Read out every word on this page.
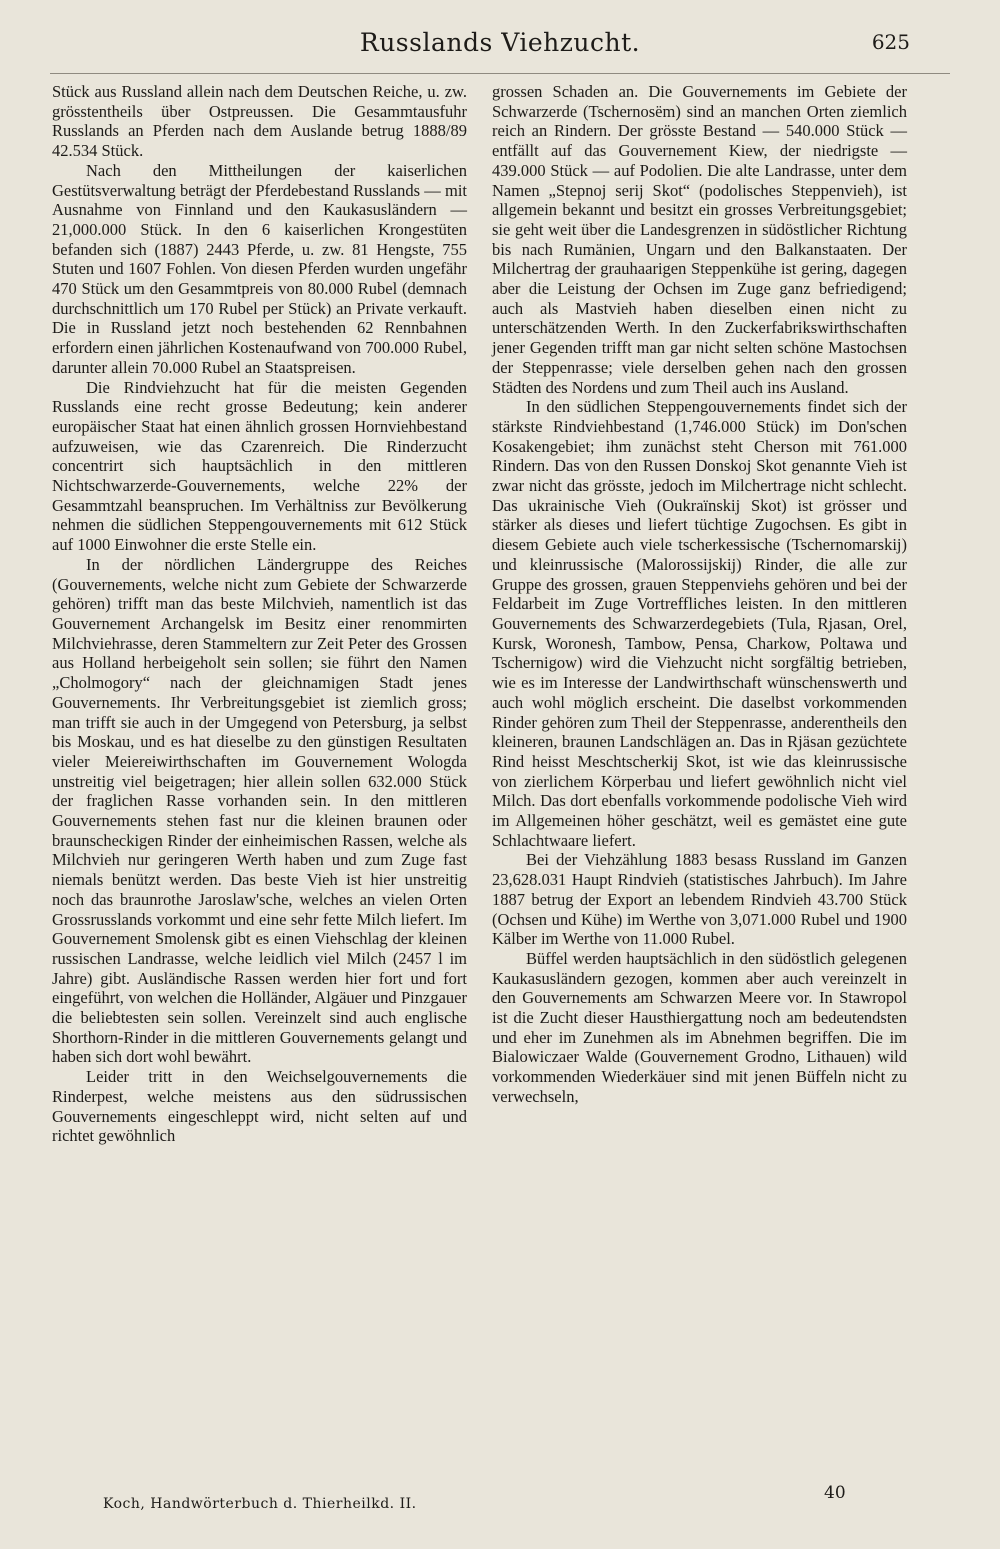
Russlands Viehzucht.	625

Stück aus Russland allein nach dem Deutschen Reiche, u. zw. grösstentheils über Ostpreussen. Die Gesammtausfuhr Russlands an Pferden nach dem Auslande betrug 1888/89 42.534 Stück.

Nach den Mittheilungen der kaiserlichen Gestütsverwaltung beträgt der Pferdebestand Russlands — mit Ausnahme von Finnland und den Kaukasusländern — 21,000.000 Stück. In den 6 kaiserlichen Krongestüten befanden sich (1887) 2443 Pferde, u. zw. 81 Hengste, 755 Stuten und 1607 Fohlen. Von diesen Pferden wurden ungefähr 470 Stück um den Gesammtpreis von 80.000 Rubel (demnach durchschnittlich um 170 Rubel per Stück) an Private verkauft. Die in Russland jetzt noch bestehenden 62 Rennbahnen erfordern einen jährlichen Kostenaufwand von 700.000 Rubel, darunter allein 70.000 Rubel an Staatspreisen.

Die Rindviehzucht hat für die meisten Gegenden Russlands eine recht grosse Bedeutung; kein anderer europäischer Staat hat einen ähnlich grossen Hornviehbestand aufzuweisen, wie das Czarenreich. Die Rinderzucht concentrirt sich hauptsächlich in den mittleren Nichtschwarzerde-Gouvernements, welche 22% der Gesammtzahl beanspruchen. Im Verhältniss zur Bevölkerung nehmen die südlichen Steppengouvernements mit 612 Stück auf 1000 Einwohner die erste Stelle ein.

In der nördlichen Ländergruppe des Reiches (Gouvernements, welche nicht zum Gebiete der Schwarzerde gehören) trifft man das beste Milchvieh, namentlich ist das Gouvernement Archangelsk im Besitz einer renommirten Milchviehrasse, deren Stammeltern zur Zeit Peter des Grossen aus Holland herbeigeholt sein sollen; sie führt den Namen „Cholmogory“ nach der gleichnamigen Stadt jenes Gouvernements. Ihr Verbreitungsgebiet ist ziemlich gross; man trifft sie auch in der Umgegend von Petersburg, ja selbst bis Moskau, und es hat dieselbe zu den günstigen Resultaten vieler Meiereiwirthschaften im Gouvernement Wologda unstreitig viel beigetragen; hier allein sollen 632.000 Stück der fraglichen Rasse vorhanden sein. In den mittleren Gouvernements stehen fast nur die kleinen braunen oder braunscheckigen Rinder der einheimischen Rassen, welche als Milchvieh nur geringeren Werth haben und zum Zuge fast niemals benützt werden. Das beste Vieh ist hier unstreitig noch das braunrothe Jaroslaw'sche, welches an vielen Orten Grossrusslands vorkommt und eine sehr fette Milch liefert. Im Gouvernement Smolensk gibt es einen Viehschlag der kleinen russischen Landrasse, welche leidlich viel Milch (2457 l im Jahre) gibt. Ausländische Rassen werden hier fort und fort eingeführt, von welchen die Holländer, Algäuer und Pinzgauer die beliebtesten sein sollen. Vereinzelt sind auch englische Shorthorn-Rinder in die mittleren Gouvernements gelangt und haben sich dort wohl bewährt.

Leider tritt in den Weichselgouvernements die Rinderpest, welche meistens aus den südrussischen Gouvernements eingeschleppt wird, nicht selten auf und richtet gewöhnlich

grossen Schaden an. Die Gouvernements im Gebiete der Schwarzerde (Tschernosëm) sind an manchen Orten ziemlich reich an Rindern. Der grösste Bestand — 540.000 Stück — entfällt auf das Gouvernement Kiew, der niedrigste — 439.000 Stück — auf Podolien. Die alte Landrasse, unter dem Namen „Stepnoj serij Skot“ (podolisches Steppenvieh), ist allgemein bekannt und besitzt ein grosses Verbreitungsgebiet; sie geht weit über die Landesgrenzen in südöstlicher Richtung bis nach Rumänien, Ungarn und den Balkanstaaten. Der Milchertrag der grauhaarigen Steppenkühe ist gering, dagegen aber die Leistung der Ochsen im Zuge ganz befriedigend; auch als Mastvieh haben dieselben einen nicht zu unterschätzenden Werth. In den Zuckerfabrikswirthschaften jener Gegenden trifft man gar nicht selten schöne Mastochsen der Steppenrasse; viele derselben gehen nach den grossen Städten des Nordens und zum Theil auch ins Ausland.

In den südlichen Steppengouvernements findet sich der stärkste Rindviehbestand (1,746.000 Stück) im Don'schen Kosakengebiet; ihm zunächst steht Cherson mit 761.000 Rindern. Das von den Russen Donskoj Skot genannte Vieh ist zwar nicht das grösste, jedoch im Milchertrage nicht schlecht. Das ukrainische Vieh (Oukraïnskij Skot) ist grösser und stärker als dieses und liefert tüchtige Zugochsen. Es gibt in diesem Gebiete auch viele tscherkessische (Tschernomarskij) und kleinrussische (Malorossijskij) Rinder, die alle zur Gruppe des grossen, grauen Steppenviehs gehören und bei der Feldarbeit im Zuge Vortreffliches leisten. In den mittleren Gouvernements des Schwarzerdegebiets (Tula, Rjasan, Orel, Kursk, Woronesh, Tambow, Pensa, Charkow, Poltawa und Tschernigow) wird die Viehzucht nicht sorgfältig betrieben, wie es im Interesse der Landwirthschaft wünschenswerth und auch wohl möglich erscheint. Die daselbst vorkommenden Rinder gehören zum Theil der Steppenrasse, anderentheils den kleineren, braunen Landschlägen an. Das in Rjäsan gezüchtete Rind heisst Meschtscherkij Skot, ist wie das kleinrussische von zierlichem Körperbau und liefert gewöhnlich nicht viel Milch. Das dort ebenfalls vorkommende podolische Vieh wird im Allgemeinen höher geschätzt, weil es gemästet eine gute Schlachtwaare liefert.

Bei der Viehzählung 1883 besass Russland im Ganzen 23,628.031 Haupt Rindvieh (statistisches Jahrbuch). Im Jahre 1887 betrug der Export an lebendem Rindvieh 43.700 Stück (Ochsen und Kühe) im Werthe von 3,071.000 Rubel und 1900 Kälber im Werthe von 11.000 Rubel.

Büffel werden hauptsächlich in den südöstlich gelegenen Kaukasusländern gezogen, kommen aber auch vereinzelt in den Gouvernements am Schwarzen Meere vor. In Stawropol ist die Zucht dieser Hausthiergattung noch am bedeutendsten und eher im Zunehmen als im Abnehmen begriffen. Die im Bialowiczaer Walde (Gouvernement Grodno, Lithauen) wild vorkommenden Wiederkäuer sind mit jenen Büffeln nicht zu verwechseln,

Koch, Handwörterbuch d. Thierheilkd. II.
40
